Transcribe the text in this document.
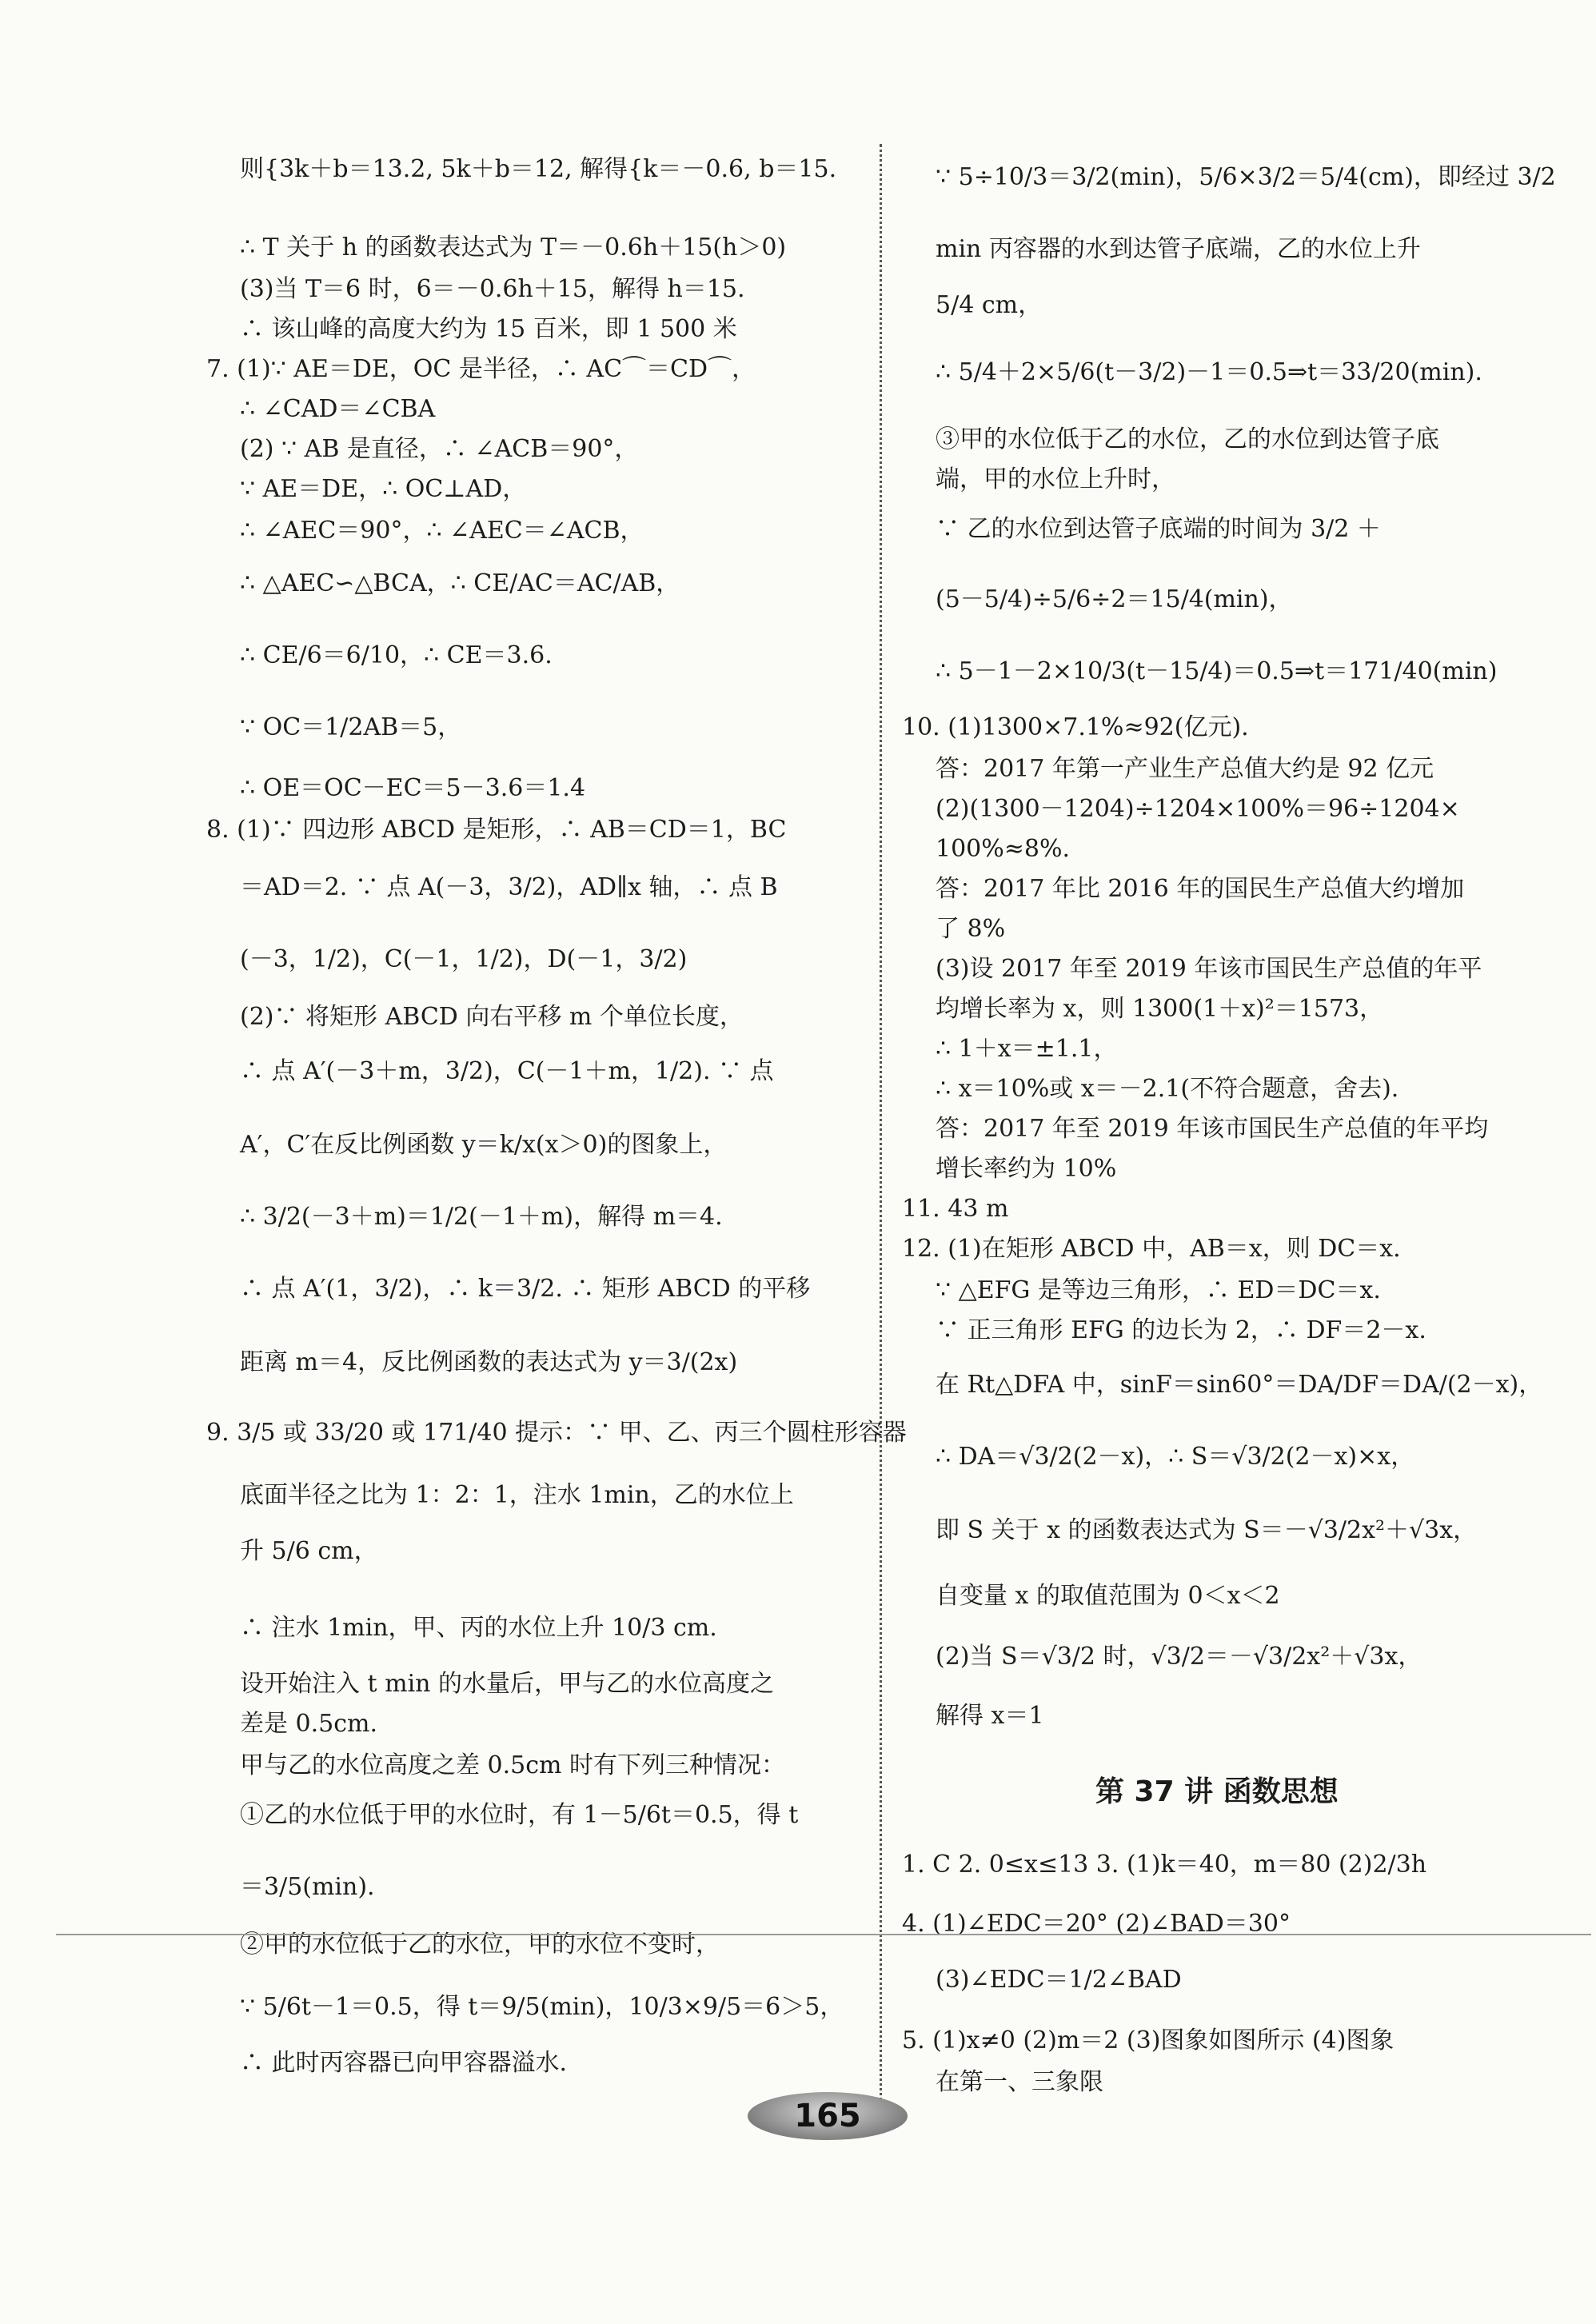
则{3k＋b＝13.2, 5k＋b＝12, 解得{k＝－0.6, b＝15.
∴ T 关于 h 的函数表达式为 T＝－0.6h＋15(h＞0)
(3)当 T＝6 时，6＝－0.6h＋15，解得 h＝15.
∴ 该山峰的高度大约为 15 百米，即 1 500 米
7. (1)∵ AE＝DE，OC 是半径，∴ AC⌒＝CD⌒，
∴ ∠CAD＝∠CBA
(2) ∵ AB 是直径，∴ ∠ACB＝90°，
∵ AE＝DE，∴ OC⊥AD，
∴ ∠AEC＝90°，∴ ∠AEC＝∠ACB，
∴ △AEC∽△BCA，∴ CE/AC＝AC/AB，
∴ CE/6＝6/10，∴ CE＝3.6.
∵ OC＝1/2AB＝5，
∴ OE＝OC－EC＝5－3.6＝1.4
8. (1)∵ 四边形 ABCD 是矩形，∴ AB＝CD＝1，BC
＝AD＝2. ∵ 点 A(－3，3/2)，AD∥x 轴，∴ 点 B
(－3，1/2)，C(－1，1/2)，D(－1，3/2)
(2)∵ 将矩形 ABCD 向右平移 m 个单位长度，
∴ 点 A′(－3＋m，3/2)，C(－1＋m，1/2). ∵ 点
A′，C′在反比例函数 y＝k/x(x＞0)的图象上，
∴ 3/2(－3＋m)＝1/2(－1＋m)，解得 m＝4.
∴ 点 A′(1，3/2)，∴ k＝3/2. ∴ 矩形 ABCD 的平移
距离 m＝4，反比例函数的表达式为 y＝3/(2x)
9. 3/5 或 33/20 或 171/40 提示：∵ 甲、乙、丙三个圆柱形容器
底面半径之比为 1：2：1，注水 1min，乙的水位上
升 5/6 cm，
∴ 注水 1min，甲、丙的水位上升 10/3 cm.
设开始注入 t min 的水量后，甲与乙的水位高度之
差是 0.5cm.
甲与乙的水位高度之差 0.5cm 时有下列三种情况：
①乙的水位低于甲的水位时，有 1－5/6t＝0.5，得 t
＝3/5(min).
②甲的水位低于乙的水位，甲的水位不变时，
∵ 5/6t－1＝0.5，得 t＝9/5(min)，10/3×9/5＝6＞5，
∴ 此时丙容器已向甲容器溢水.
∵ 5÷10/3＝3/2(min)，5/6×3/2＝5/4(cm)，即经过 3/2
min 丙容器的水到达管子底端，乙的水位上升
5/4 cm，
∴ 5/4＋2×5/6(t－3/2)－1＝0.5⇒t＝33/20(min).
③甲的水位低于乙的水位，乙的水位到达管子底
端，甲的水位上升时，
∵ 乙的水位到达管子底端的时间为 3/2 ＋
(5－5/4)÷5/6÷2＝15/4(min)，
∴ 5－1－2×10/3(t－15/4)＝0.5⇒t＝171/40(min)
10. (1)1300×7.1%≈92(亿元).
答：2017 年第一产业生产总值大约是 92 亿元
(2)(1300－1204)÷1204×100%＝96÷1204×
100%≈8%.
答：2017 年比 2016 年的国民生产总值大约增加
了 8%
(3)设 2017 年至 2019 年该市国民生产总值的年平
均增长率为 x，则 1300(1＋x)²＝1573，
∴ 1＋x＝±1.1，
∴ x＝10%或 x＝－2.1(不符合题意，舍去).
答：2017 年至 2019 年该市国民生产总值的年平均
增长率约为 10%
11. 43 m
12. (1)在矩形 ABCD 中，AB＝x，则 DC＝x.
∵ △EFG 是等边三角形，∴ ED＝DC＝x.
∵ 正三角形 EFG 的边长为 2，∴ DF＝2－x.
在 Rt△DFA 中，sinF＝sin60°＝DA/DF＝DA/(2－x)，
∴ DA＝√3/2(2－x)，∴ S＝√3/2(2－x)×x，
即 S 关于 x 的函数表达式为 S＝－√3/2x²＋√3x，
自变量 x 的取值范围为 0＜x＜2
(2)当 S＝√3/2 时，√3/2＝－√3/2x²＋√3x，
解得 x＝1
第 37 讲 函数思想
1. C 2. 0≤x≤13 3. (1)k＝40，m＝80 (2)2/3h
4. (1)∠EDC＝20° (2)∠BAD＝30°
(3)∠EDC＝1/2∠BAD
5. (1)x≠0 (2)m＝2 (3)图象如图所示 (4)图象
在第一、三象限
165
